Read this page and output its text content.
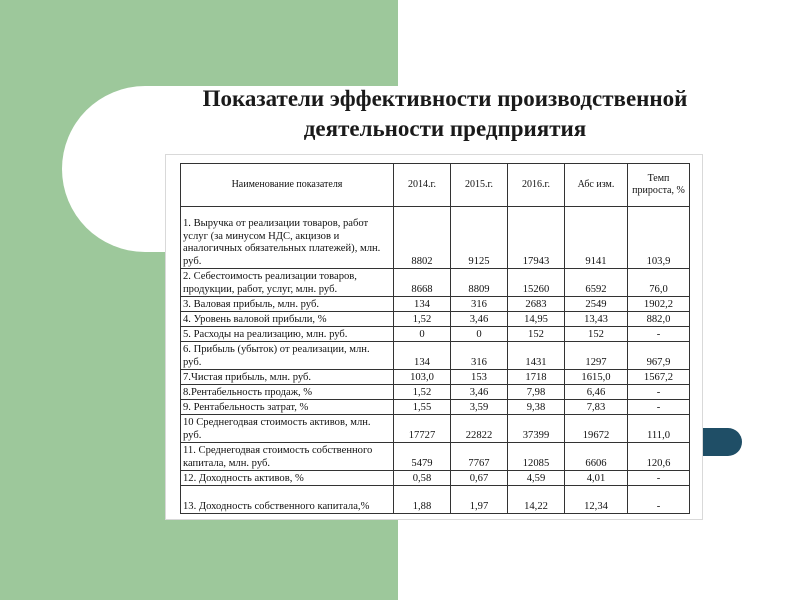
Показатели эффективности производственной
деятельности предприятия
Наименование показателя	2014.г.	2015.г.	2016.г.	Абс изм.	Темп прироста, %
1. Выручка от реализации товаров, работ услуг (за минусом НДС, акцизов и аналогичных обязательных платежей), млн. руб.	8802	9125	17943	9141	103,9
2. Себестоимость реализации товаров, продукции, работ, услуг, млн. руб.	8668	8809	15260	6592	76,0
3. Валовая прибыль, млн. руб.	134	316	2683	2549	1902,2
4. Уровень валовой прибыли, %	1,52	3,46	14,95	13,43	882,0
5. Расходы на реализацию, млн. руб.	0	0	152	152	-
6. Прибыль (убыток) от реализации, млн. руб.	134	316	1431	1297	967,9
7.Чистая прибыль, млн. руб.	103,0	153	1718	1615,0	1567,2
8.Рентабельность продаж, %	1,52	3,46	7,98	6,46	-
9. Рентабельность затрат, %	1,55	3,59	9,38	7,83	-
10 Среднегодвая стоимость активов, млн. руб.	17727	22822	37399	19672	111,0
11. Среднегодвая стоимость собственного капитала, млн. руб.	5479	7767	12085	6606	120,6
12. Доходность активов, %	0,58	0,67	4,59	4,01	-
13. Доходность собственного капитала,%	1,88	1,97	14,22	12,34	-
